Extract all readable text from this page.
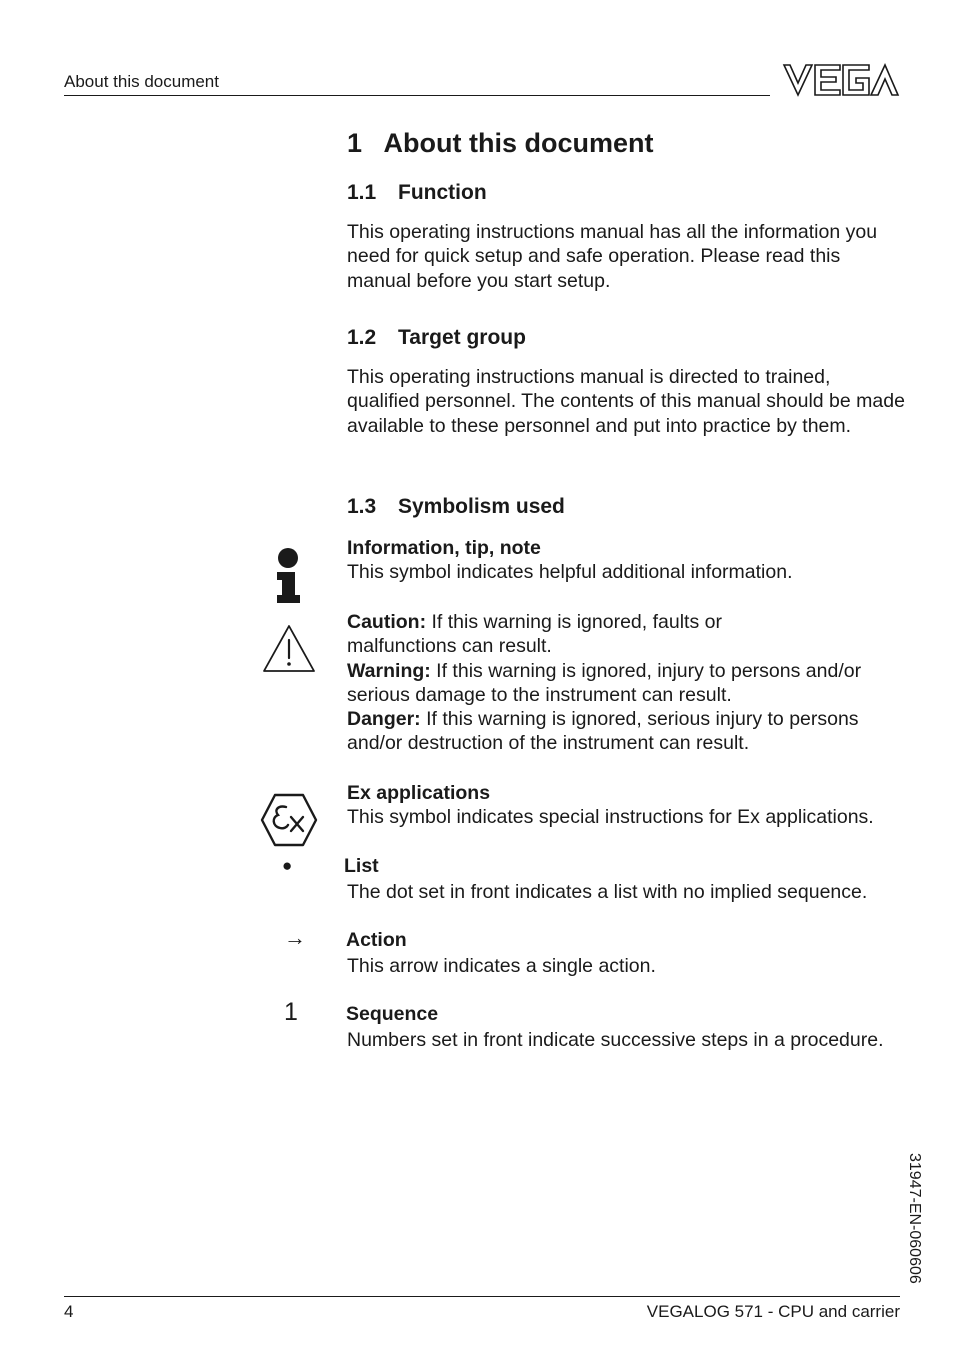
About this document
1 About this document
1.1 Function
This operating instructions manual has all the information you need for quick setup and safe operation. Please read this manual before you start setup.
1.2 Target group
This operating instructions manual is directed to trained, qualified personnel. The contents of this manual should be made available to these personnel and put into practice by them.
1.3 Symbolism used
Information, tip, note
This symbol indicates helpful additional information.
Caution: If this warning is ignored, faults or malfunctions can result.
Warning: If this warning is ignored, injury to persons and/or serious damage to the instrument can result.
Danger: If this warning is ignored, serious injury to persons and/or destruction of the instrument can result.
Ex applications
This symbol indicates special instructions for Ex applications.
●	List
The dot set in front indicates a list with no implied sequence.
→ Action
This arrow indicates a single action.
1 Sequence
Numbers set in front indicate successive steps in a procedure.
31947-EN-060606
4	VEGALOG 571 - CPU and carrier
